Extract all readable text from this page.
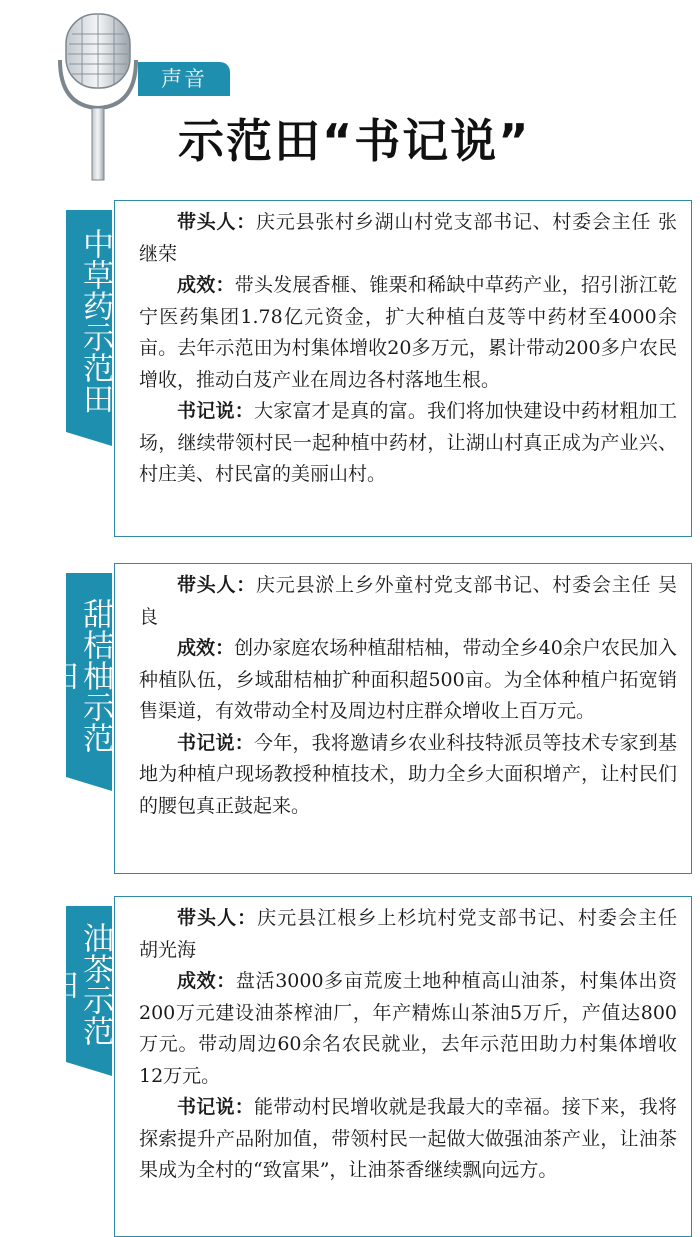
声音
示范田“书记说”
中草药示范田

带头人：庆元县张村乡湖山村党支部书记、村委会主任 张继荣

成效：带头发展香榧、锥栗和稀缺中草药产业，招引浙江乾宁医药集团1.78亿元资金，扩大种植白芨等中药材至4000余亩。去年示范田为村集体增收20多万元，累计带动200多户农民增收，推动白芨产业在周边各村落地生根。

书记说：大家富才是真的富。我们将加快建设中药材粗加工场，继续带领村民一起种植中药材，让湖山村真正成为产业兴、村庄美、村民富的美丽山村。

甜桔柚示范田

带头人：庆元县淤上乡外童村党支部书记、村委会主任 吴良

成效：创办家庭农场种植甜桔柚，带动全乡40余户农民加入种植队伍，乡域甜桔柚扩种面积超500亩。为全体种植户拓宽销售渠道，有效带动全村及周边村庄群众增收上百万元。

书记说：今年，我将邀请乡农业科技特派员等技术专家到基地为种植户现场教授种植技术，助力全乡大面积增产，让村民们的腰包真正鼓起来。

油茶示范田

带头人：庆元县江根乡上杉坑村党支部书记、村委会主任 胡光海

成效：盘活3000多亩荒废土地种植高山油茶，村集体出资200万元建设油茶榨油厂，年产精炼山茶油5万斤，产值达800万元。带动周边60余名农民就业，去年示范田助力村集体增收12万元。

书记说：能带动村民增收就是我最大的幸福。接下来，我将探索提升产品附加值，带领村民一起做大做强油茶产业，让油茶果成为全村的“致富果”，让油茶香继续飘向远方。
